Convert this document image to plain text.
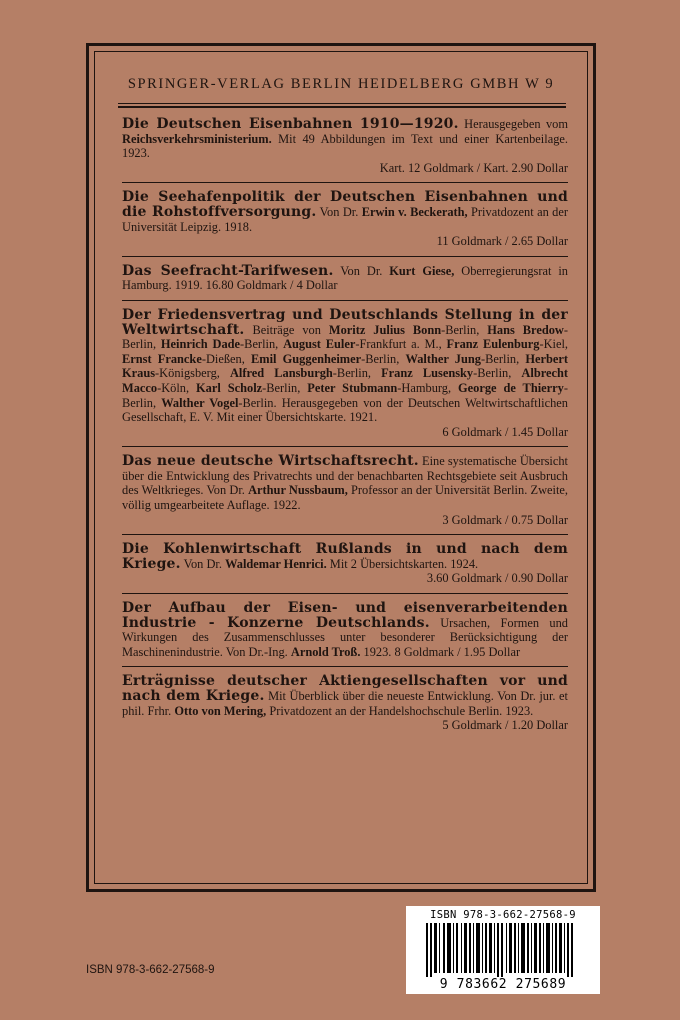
SPRINGER-VERLAG BERLIN HEIDELBERG GMBH W 9

Die Deutschen Eisenbahnen 1910—1920. Herausgegeben vom Reichsverkehrsministerium. Mit 49 Abbildungen im Text und einer Kartenbeilage. 1923.
Kart. 12 Goldmark / Kart. 2.90 Dollar

Die Seehafenpolitik der Deutschen Eisenbahnen und die Rohstoffversorgung. Von Dr. Erwin v. Beckerath, Privatdozent an der Universität Leipzig. 1918.
11 Goldmark / 2.65 Dollar

Das Seefracht-Tarifwesen. Von Dr. Kurt Giese, Oberregierungsrat in Hamburg. 1919. 16.80 Goldmark / 4 Dollar

Der Friedensvertrag und Deutschlands Stellung in der Weltwirtschaft. Beiträge von Moritz Julius Bonn-Berlin, Hans Bredow-Berlin, Heinrich Dade-Berlin, August Euler-Frankfurt a. M., Franz Eulenburg-Kiel, Ernst Francke-Dießen, Emil Guggenheimer-Berlin, Walther Jung-Berlin, Herbert Kraus-Königsberg, Alfred Lansburgh-Berlin, Franz Lusensky-Berlin, Albrecht Macco-Köln, Karl Scholz-Berlin, Peter Stubmann-Hamburg, George de Thierry-Berlin, Walther Vogel-Berlin. Herausgegeben von der Deutschen Weltwirtschaftlichen Gesellschaft, E. V. Mit einer Übersichtskarte. 1921.
6 Goldmark / 1.45 Dollar

Das neue deutsche Wirtschaftsrecht. Eine systematische Übersicht über die Entwicklung des Privatrechts und der benachbarten Rechtsgebiete seit Ausbruch des Weltkrieges. Von Dr. Arthur Nussbaum, Professor an der Universität Berlin. Zweite, völlig umgearbeitete Auflage. 1922.
3 Goldmark / 0.75 Dollar

Die Kohlenwirtschaft Rußlands in und nach dem Kriege. Von Dr. Waldemar Henrici. Mit 2 Übersichtskarten. 1924.
3.60 Goldmark / 0.90 Dollar

Der Aufbau der Eisen- und eisenverarbeitenden Industrie - Konzerne Deutschlands. Ursachen, Formen und Wirkungen des Zusammenschlusses unter besonderer Berücksichtigung der Maschinenindustrie. Von Dr.-Ing. Arnold Troß. 1923. 8 Goldmark / 1.95 Dollar

Erträgnisse deutscher Aktiengesellschaften vor und nach dem Kriege. Mit Überblick über die neueste Entwicklung. Von Dr. jur. et phil. Frhr. Otto von Mering, Privatdozent an der Handelshochschule Berlin. 1923.
5 Goldmark / 1.20 Dollar

ISBN 978-3-662-27568-9
ISBN 978-3-662-27568-9
9 783662 275689
